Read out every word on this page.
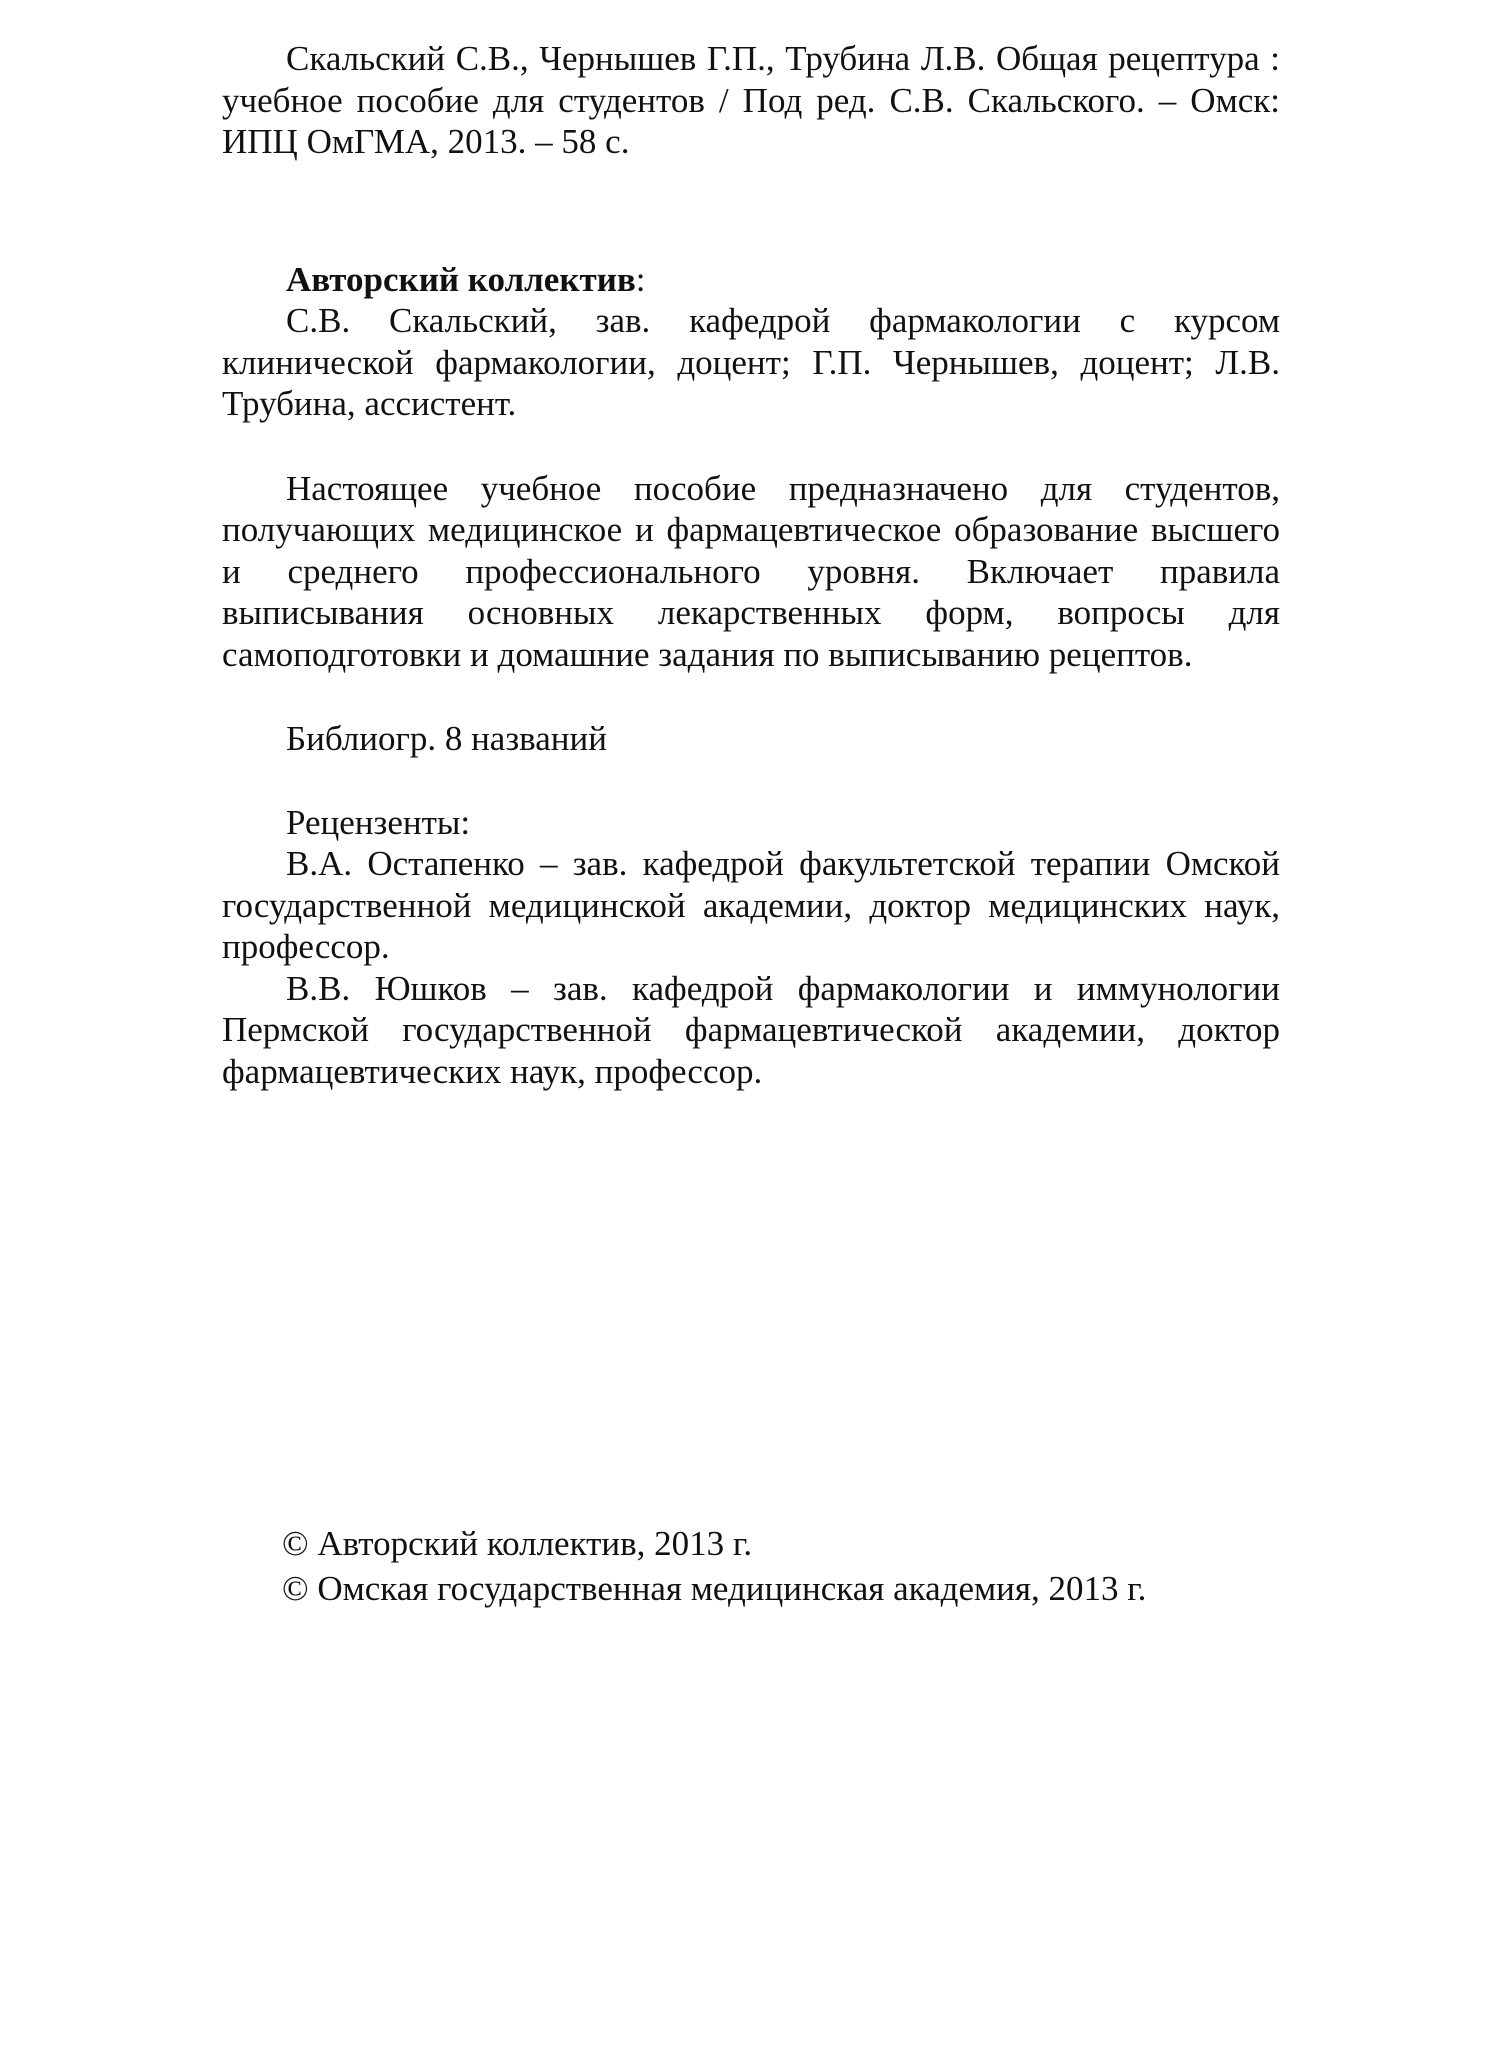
Скальский С.В., Чернышев Г.П., Трубина Л.В. Общая рецептура : учебное пособие для студентов / Под ред. С.В. Скальского. – Омск: ИПЦ ОмГМА, 2013. – 58 с.

Авторский коллектив:

С.В. Скальский, зав. кафедрой фармакологии с курсом клинической фармакологии, доцент; Г.П. Чернышев, доцент; Л.В. Трубина, ассистент.

Настоящее учебное пособие предназначено для студентов, получающих медицинское и фармацевтическое образование высшего и среднего профессионального уровня. Включает правила выписывания основных лекарственных форм, вопросы для самоподготовки и домашние задания по выписыванию рецептов.

Библиогр. 8 названий

Рецензенты:

В.А. Остапенко – зав. кафедрой факультетской терапии Омской государственной медицинской академии, доктор медицинских наук, профессор.

В.В. Юшков – зав. кафедрой фармакологии и иммунологии Пермской государственной фармацевтической академии, доктор фармацевтических наук, профессор.

© Авторский коллектив, 2013 г.

© Омская государственная медицинская академия, 2013 г.
